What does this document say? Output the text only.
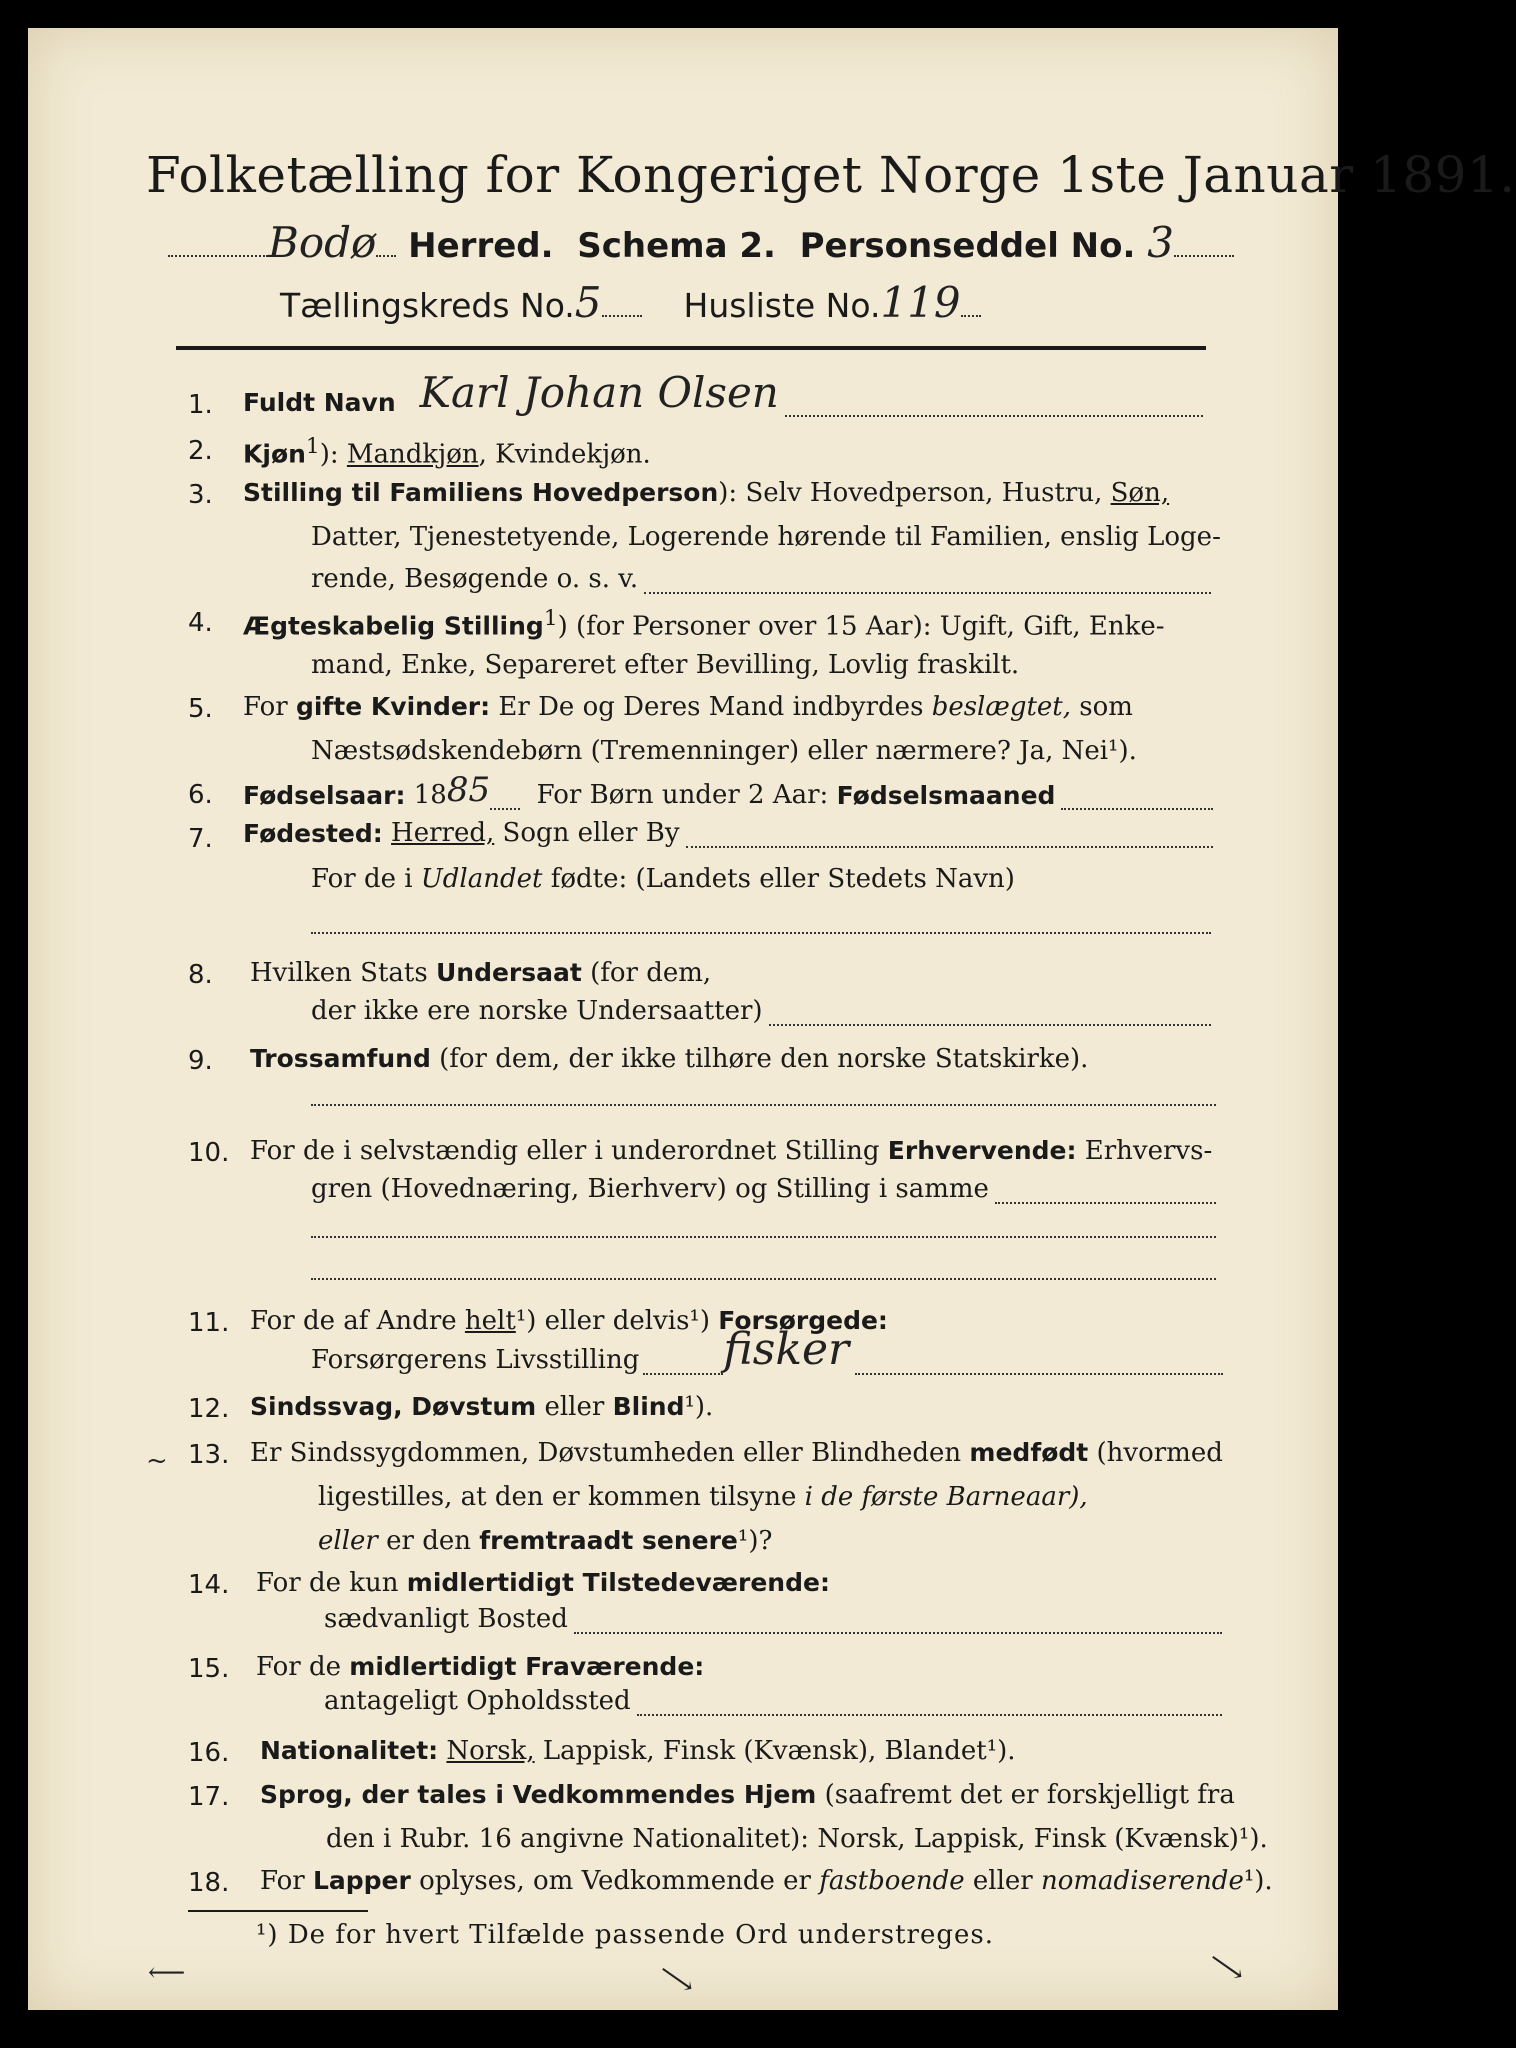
Folketælling for Kongeriget Norge 1ste Januar 1891.
Bodø Herred. Schema 2. Personseddel No. 3
Tællingskreds No.5 Husliste No.119
1. Fuldt Navn Karl Johan Olsen
2. Kjøn$^1$): Mandkjøn, Kvindekjøn.
3. Stilling til Familiens Hovedperson): Selv Hovedperson, Hustru, Søn,
Datter, Tjenestetyende, Logerende hørende til Familien, enslig Loge-
rende, Besøgende o. s. v.
4. Ægteskabelig Stilling$^1$) (for Personer over 15 Aar): Ugift, Gift, Enke-
mand, Enke, Separeret efter Bevilling, Lovlig fraskilt.
5. For gifte Kvinder: Er De og Deres Mand indbyrdes beslægtet, som
Næstsødskendebørn (Tremenninger) eller nærmere? Ja, Nei¹).
6. Fødselsaar:
18 85
For Børn under 2 Aar:
Fødselsmaaned
7. Fødested:
Herred,
Sogn eller By
For de i Udlandet fødte: (Landets eller Stedets Navn)
8. Hvilken Stats Undersaat (for dem,
der ikke ere norske Undersaatter)
9. Trossamfund (for dem, der ikke tilhøre den norske Statskirke).
10. For de i selvstændig eller i underordnet Stilling Erhvervende: Erhvervs-
gren (Hovednæring, Bierhverv) og Stilling i samme
11. For de af Andre helt¹) eller delvis¹) Forsørgede:
Forsørgerens Livsstilling fisker
12. Sindssvag, Døvstum eller Blind¹).
13. Er Sindssygdommen, Døvstumheden eller Blindheden medfødt (hvormed
ligestilles, at den er kommen tilsyne i de første Barneaar),
eller er den fremtraadt senere¹)?
14. For de kun midlertidigt Tilstedeværende:
sædvanligt Bosted
15. For de midlertidigt Fraværende:
antageligt Opholdssted
16. Nationalitet: Norsk, Lappisk, Finsk (Kvænsk), Blandet¹).
17. Sprog, der tales i Vedkommendes Hjem (saafremt det er forskjelligt fra
den i Rubr. 16 angivne Nationalitet): Norsk, Lappisk, Finsk (Kvænsk)¹).
18. For Lapper oplyses, om Vedkommende er fastboende eller nomadiserende¹).
¹) De for hvert Tilfælde passende Ord understreges.
~
⟵	⟶	⟶
